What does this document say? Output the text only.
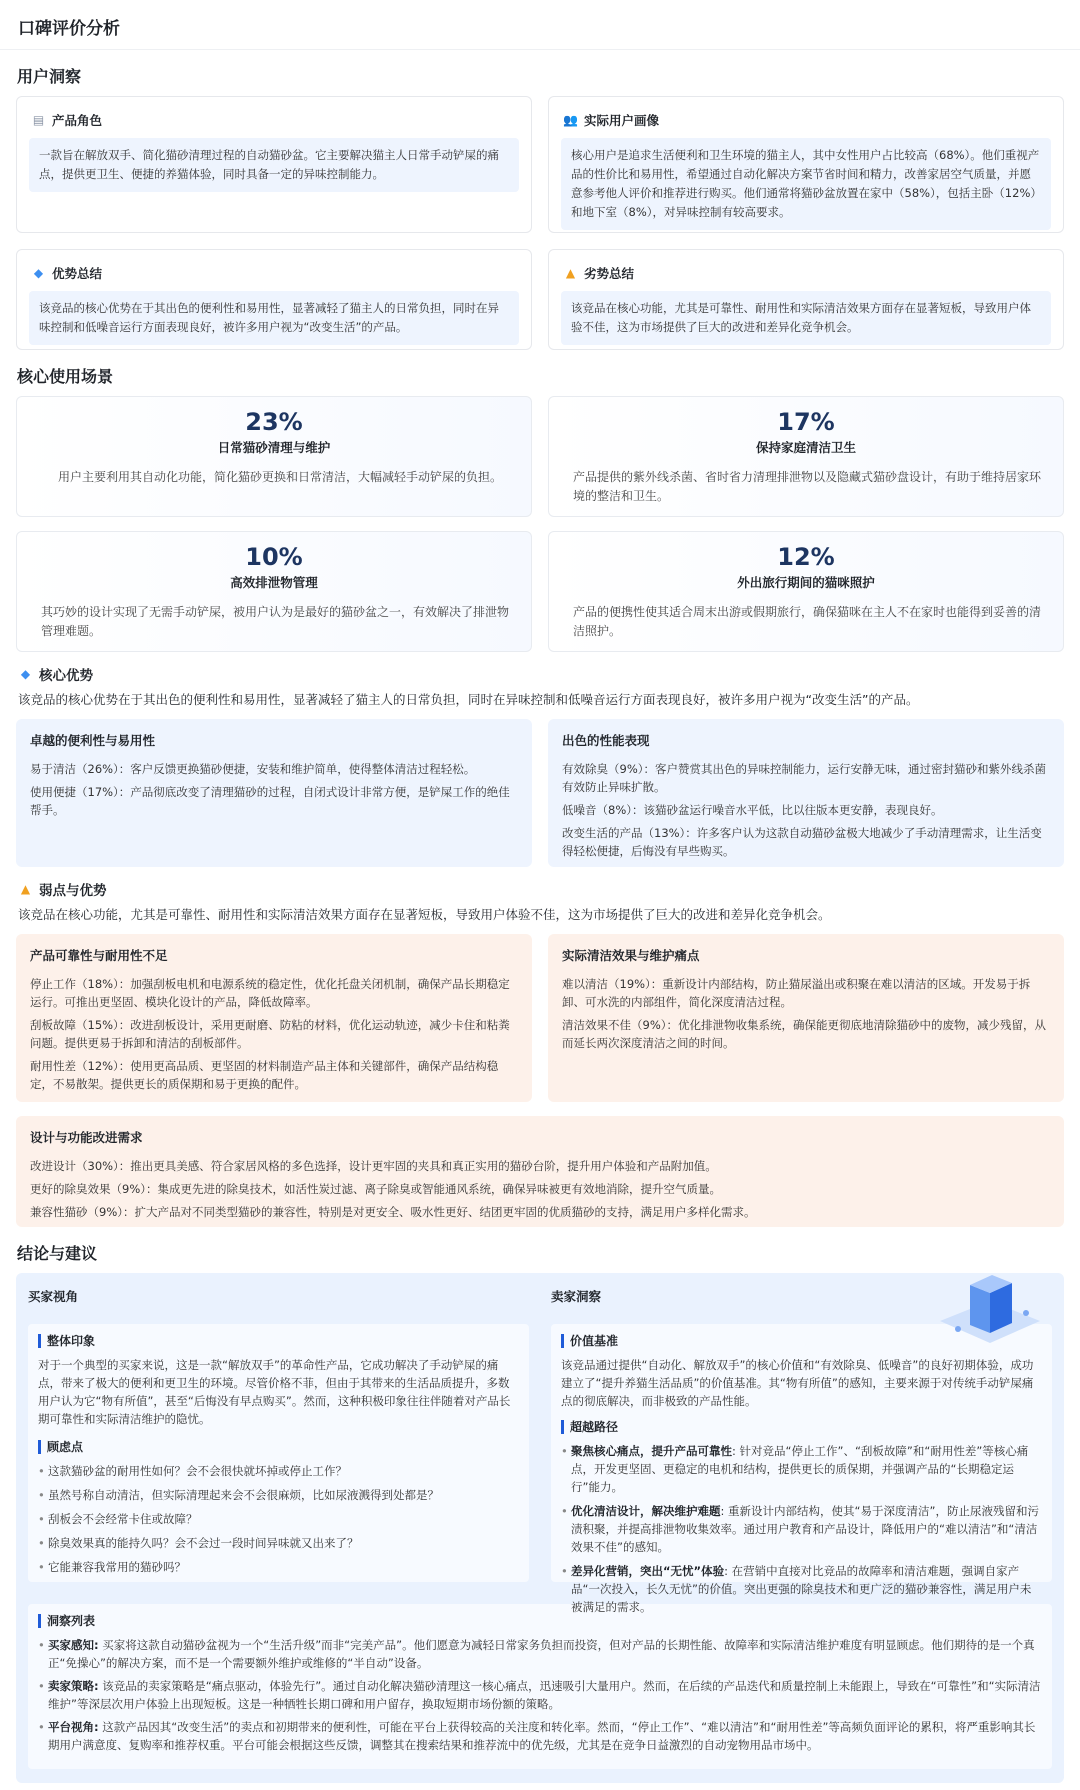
口碑评价分析
用户洞察
▤ 产品角色
一款旨在解放双手、简化猫砂清理过程的自动猫砂盆。它主要解决猫主人日常手动铲屎的痛点，提供更卫生、便捷的养猫体验，同时具备一定的异味控制能力。
👥 实际用户画像
核心用户是追求生活便利和卫生环境的猫主人，其中女性用户占比较高（68%）。他们重视产品的性价比和易用性，希望通过自动化解决方案节省时间和精力，改善家居空气质量，并愿意参考他人评价和推荐进行购买。他们通常将猫砂盆放置在家中（58%），包括主卧（12%）和地下室（8%），对异味控制有较高要求。
◆ 优势总结
该竞品的核心优势在于其出色的便利性和易用性，显著减轻了猫主人的日常负担，同时在异味控制和低噪音运行方面表现良好，被许多用户视为“改变生活”的产品。
▲ 劣势总结
该竞品在核心功能，尤其是可靠性、耐用性和实际清洁效果方面存在显著短板，导致用户体验不佳，这为市场提供了巨大的改进和差异化竞争机会。
核心使用场景
23%
日常猫砂清理与维护
用户主要利用其自动化功能，简化猫砂更换和日常清洁，大幅减轻手动铲屎的负担。
17%
保持家庭清洁卫生
产品提供的紫外线杀菌、省时省力清理排泄物以及隐藏式猫砂盘设计，有助于维持居家环境的整洁和卫生。
10%
高效排泄物管理
其巧妙的设计实现了无需手动铲屎，被用户认为是最好的猫砂盆之一，有效解决了排泄物管理难题。
12%
外出旅行期间的猫咪照护
产品的便携性使其适合周末出游或假期旅行，确保猫咪在主人不在家时也能得到妥善的清洁照护。
◆ 核心优势
该竞品的核心优势在于其出色的便利性和易用性，显著减轻了猫主人的日常负担，同时在异味控制和低噪音运行方面表现良好，被许多用户视为“改变生活”的产品。
卓越的便利性与易用性
易于清洁（26%）：客户反馈更换猫砂便捷，安装和维护简单，使得整体清洁过程轻松。
使用便捷（17%）：产品彻底改变了清理猫砂的过程，自闭式设计非常方便，是铲屎工作的绝佳帮手。
出色的性能表现
有效除臭（9%）：客户赞赏其出色的异味控制能力，运行安静无味，通过密封猫砂和紫外线杀菌有效防止异味扩散。
低噪音（8%）：该猫砂盆运行噪音水平低，比以往版本更安静，表现良好。
改变生活的产品（13%）：许多客户认为这款自动猫砂盆极大地减少了手动清理需求，让生活变得轻松便捷，后悔没有早些购买。
▲ 弱点与优势
该竞品在核心功能，尤其是可靠性、耐用性和实际清洁效果方面存在显著短板，导致用户体验不佳，这为市场提供了巨大的改进和差异化竞争机会。
产品可靠性与耐用性不足
停止工作（18%）：加强刮板电机和电源系统的稳定性，优化托盘关闭机制，确保产品长期稳定运行。可推出更坚固、模块化设计的产品，降低故障率。
刮板故障（15%）：改进刮板设计，采用更耐磨、防粘的材料，优化运动轨迹，减少卡住和粘粪问题。提供更易于拆卸和清洁的刮板部件。
耐用性差（12%）：使用更高品质、更坚固的材料制造产品主体和关键部件，确保产品结构稳定，不易散架。提供更长的质保期和易于更换的配件。
实际清洁效果与维护痛点
难以清洁（19%）：重新设计内部结构，防止猫尿溢出或积聚在难以清洁的区域。开发易于拆卸、可水洗的内部组件，简化深度清洁过程。
清洁效果不佳（9%）：优化排泄物收集系统，确保能更彻底地清除猫砂中的废物，减少残留，从而延长两次深度清洁之间的时间。
设计与功能改进需求
改进设计（30%）：推出更具美感、符合家居风格的多色选择，设计更牢固的夹具和真正实用的猫砂台阶，提升用户体验和产品附加值。
更好的除臭效果（9%）：集成更先进的除臭技术，如活性炭过滤、离子除臭或智能通风系统，确保异味被更有效地消除，提升空气质量。
兼容性猫砂（9%）：扩大产品对不同类型猫砂的兼容性，特别是对更安全、吸水性更好、结团更牢固的优质猫砂的支持，满足用户多样化需求。
结论与建议
买家视角
整体印象
对于一个典型的买家来说，这是一款“解放双手”的革命性产品，它成功解决了手动铲屎的痛点，带来了极大的便利和更卫生的环境。尽管价格不菲，但由于其带来的生活品质提升，多数用户认为它“物有所值”，甚至“后悔没有早点购买”。然而，这种积极印象往往伴随着对产品长期可靠性和实际清洁维护的隐忧。
顾虑点
• 这款猫砂盆的耐用性如何？会不会很快就坏掉或停止工作？
• 虽然号称自动清洁，但实际清理起来会不会很麻烦，比如尿液溅得到处都是？
• 刮板会不会经常卡住或故障？
• 除臭效果真的能持久吗？会不会过一段时间异味就又出来了？
• 它能兼容我常用的猫砂吗？
卖家洞察
价值基准
该竞品通过提供“自动化、解放双手”的核心价值和“有效除臭、低噪音”的良好初期体验，成功建立了“提升养猫生活品质”的价值基准。其“物有所值”的感知，主要来源于对传统手动铲屎痛点的彻底解决，而非极致的产品性能。
超越路径
• 聚焦核心痛点，提升产品可靠性: 针对竞品“停止工作”、“刮板故障”和“耐用性差”等核心痛点，开发更坚固、更稳定的电机和结构，提供更长的质保期，并强调产品的“长期稳定运行”能力。
• 优化清洁设计，解决维护难题: 重新设计内部结构，使其“易于深度清洁”，防止尿液残留和污渍积聚，并提高排泄物收集效率。通过用户教育和产品设计，降低用户的“难以清洁”和“清洁效果不佳”的感知。
• 差异化营销，突出“无忧”体验: 在营销中直接对比竞品的故障率和清洁难题，强调自家产品“一次投入，长久无忧”的价值。突出更强的除臭技术和更广泛的猫砂兼容性，满足用户未被满足的需求。
洞察列表
• 买家感知: 买家将这款自动猫砂盆视为一个“生活升级”而非“完美产品”。他们愿意为减轻日常家务负担而投资，但对产品的长期性能、故障率和实际清洁维护难度有明显顾虑。他们期待的是一个真正“免操心”的解决方案，而不是一个需要额外维护或维修的“半自动”设备。
• 卖家策略: 该竞品的卖家策略是“痛点驱动，体验先行”。通过自动化解决猫砂清理这一核心痛点，迅速吸引大量用户。然而，在后续的产品迭代和质量控制上未能跟上，导致在“可靠性”和“实际清洁维护”等深层次用户体验上出现短板。这是一种牺牲长期口碑和用户留存，换取短期市场份额的策略。
• 平台视角: 这款产品因其“改变生活”的卖点和初期带来的便利性，可能在平台上获得较高的关注度和转化率。然而，“停止工作”、“难以清洁”和“耐用性差”等高频负面评论的累积，将严重影响其长期用户满意度、复购率和推荐权重。平台可能会根据这些反馈，调整其在搜索结果和推荐流中的优先级，尤其是在竞争日益激烈的自动宠物用品市场中。
